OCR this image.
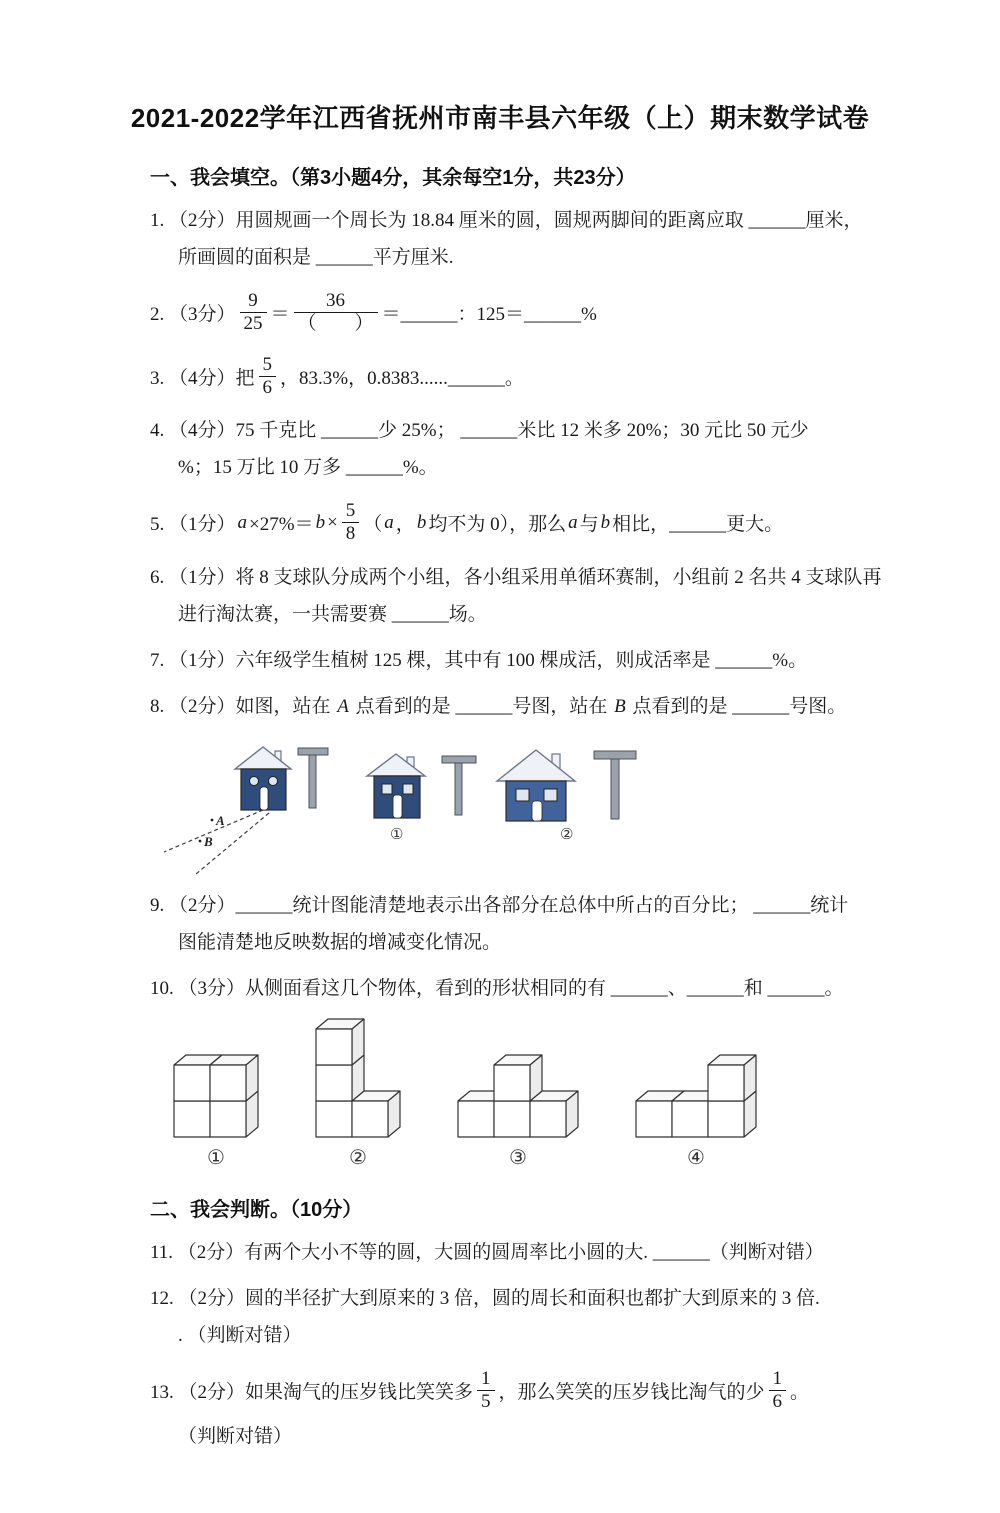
2021-2022学年江西省抚州市南丰县六年级（上）期末数学试卷
一、我会填空。（第3小题4分，其余每空1分，共23分）
1. （2分）用圆规画一个周长为 18.84 厘米的圆，圆规两脚间的距离应取 ______厘米，
所画圆的面积是 ______平方厘米.
2. （3分） $\frac{9}{25} = \frac{36}{( )}$ ＝______：125＝______%
3. （4分）把 $\frac{5}{6}$ ，83.3%，0.8383......______。
4. （4分）75 千克比 ______少 25%； ______米比 12 米多 20%；30 元比 50 元少
%；15 万比 10 万多 ______%。
5. （1分） $a \times 27\%= b \times \frac{5}{8}$ （ a ， b 均不为 0），那么 a 与 b 相比，______更大。
6. （1分）将 8 支球队分成两个小组，各小组采用单循环赛制，小组前 2 名共 4 支球队再
进行淘汰赛，一共需要赛 ______场。
7. （1分）六年级学生植树 125 棵，其中有 100 棵成活，则成活率是 ______%。
8. （2分）如图，站在 A 点看到的是 ______号图，站在 B 点看到的是 ______号图。
A
B	①	②
9. （2分）______统计图能清楚地表示出各部分在总体中所占的百分比； ______统计
图能清楚地反映数据的增减变化情况。
10. （3分）从侧面看这几个物体，看到的形状相同的有 ______、______和 ______。
①	②	③	④
二、我会判断。（10分）
11. （2分）有两个大小不等的圆，大圆的圆周率比小圆的大. ______（判断对错）
12. （2分）圆的半径扩大到原来的 3 倍，圆的周长和面积也都扩大到原来的 3 倍.
. （判断对错）
13. （2分）如果淘气的压岁钱比笑笑多 $\frac{1}{5}$ ，那么笑笑的压岁钱比淘气的少 $\frac{1}{6}$ 。
（判断对错）
